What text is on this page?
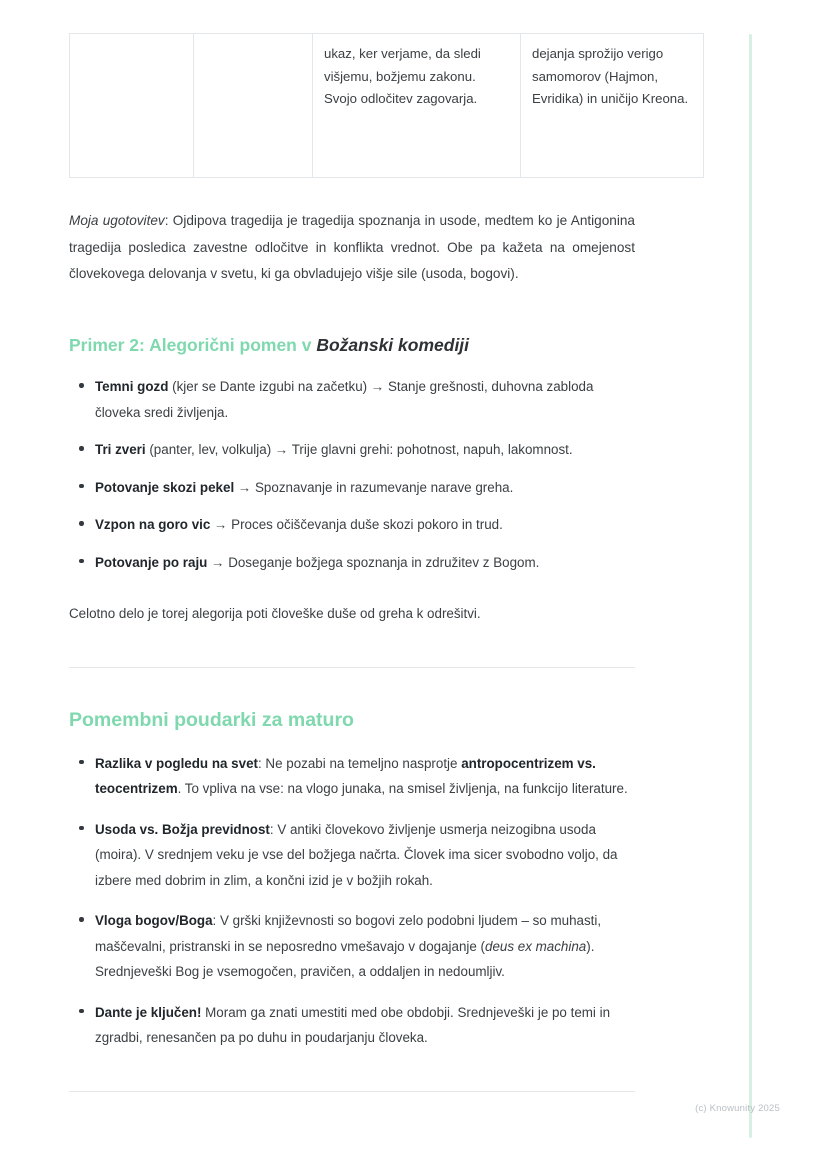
		ukaz, ker verjame, da sledi višjemu, božjemu zakonu. Svojo odločitev zagovarja.	dejanja sprožijo verigo samomorov (Hajmon, Evridika) in uničijo Kreona.

Moja ugotovitev: Ojdipova tragedija je tragedija spoznanja in usode, medtem ko je Antigonina tragedija posledica zavestne odločitve in konflikta vrednot. Obe pa kažeta na omejenost človekovega delovanja v svetu, ki ga obvladujejo višje sile (usoda, bogovi).

Primer 2: Alegorični pomen v Božanski komediji
Temni gozd (kjer se Dante izgubi na začetku) → Stanje grešnosti, duhovna zabloda človeka sredi življenja.
Tri zveri (panter, lev, volkulja) → Trije glavni grehi: pohotnost, napuh, lakomnost.
Potovanje skozi pekel → Spoznavanje in razumevanje narave greha.
Vzpon na goro vic → Proces očiščevanja duše skozi pokoro in trud.
Potovanje po raju → Doseganje božjega spoznanja in združitev z Bogom.

Celotno delo je torej alegorija poti človeške duše od greha k odrešitvi.

Pomembni poudarki za maturo
Razlika v pogledu na svet: Ne pozabi na temeljno nasprotje antropocentrizem vs. teocentrizem. To vpliva na vse: na vlogo junaka, na smisel življenja, na funkcijo literature.
Usoda vs. Božja previdnost: V antiki človekovo življenje usmerja neizogibna usoda (moira). V srednjem veku je vse del božjega načrta. Človek ima sicer svobodno voljo, da izbere med dobrim in zlim, a končni izid je v božjih rokah.
Vloga bogov/Boga: V grški književnosti so bogovi zelo podobni ljudem – so muhasti, maščevalni, pristranski in se neposredno vmešavajo v dogajanje (deus ex machina). Srednjeveški Bog je vsemogočen, pravičen, a oddaljen in nedoumljiv.
Dante je ključen! Moram ga znati umestiti med obe obdobji. Srednjeveški je po temi in zgradbi, renesančen pa po duhu in poudarjanju človeka.
(c) Knowunity 2025
